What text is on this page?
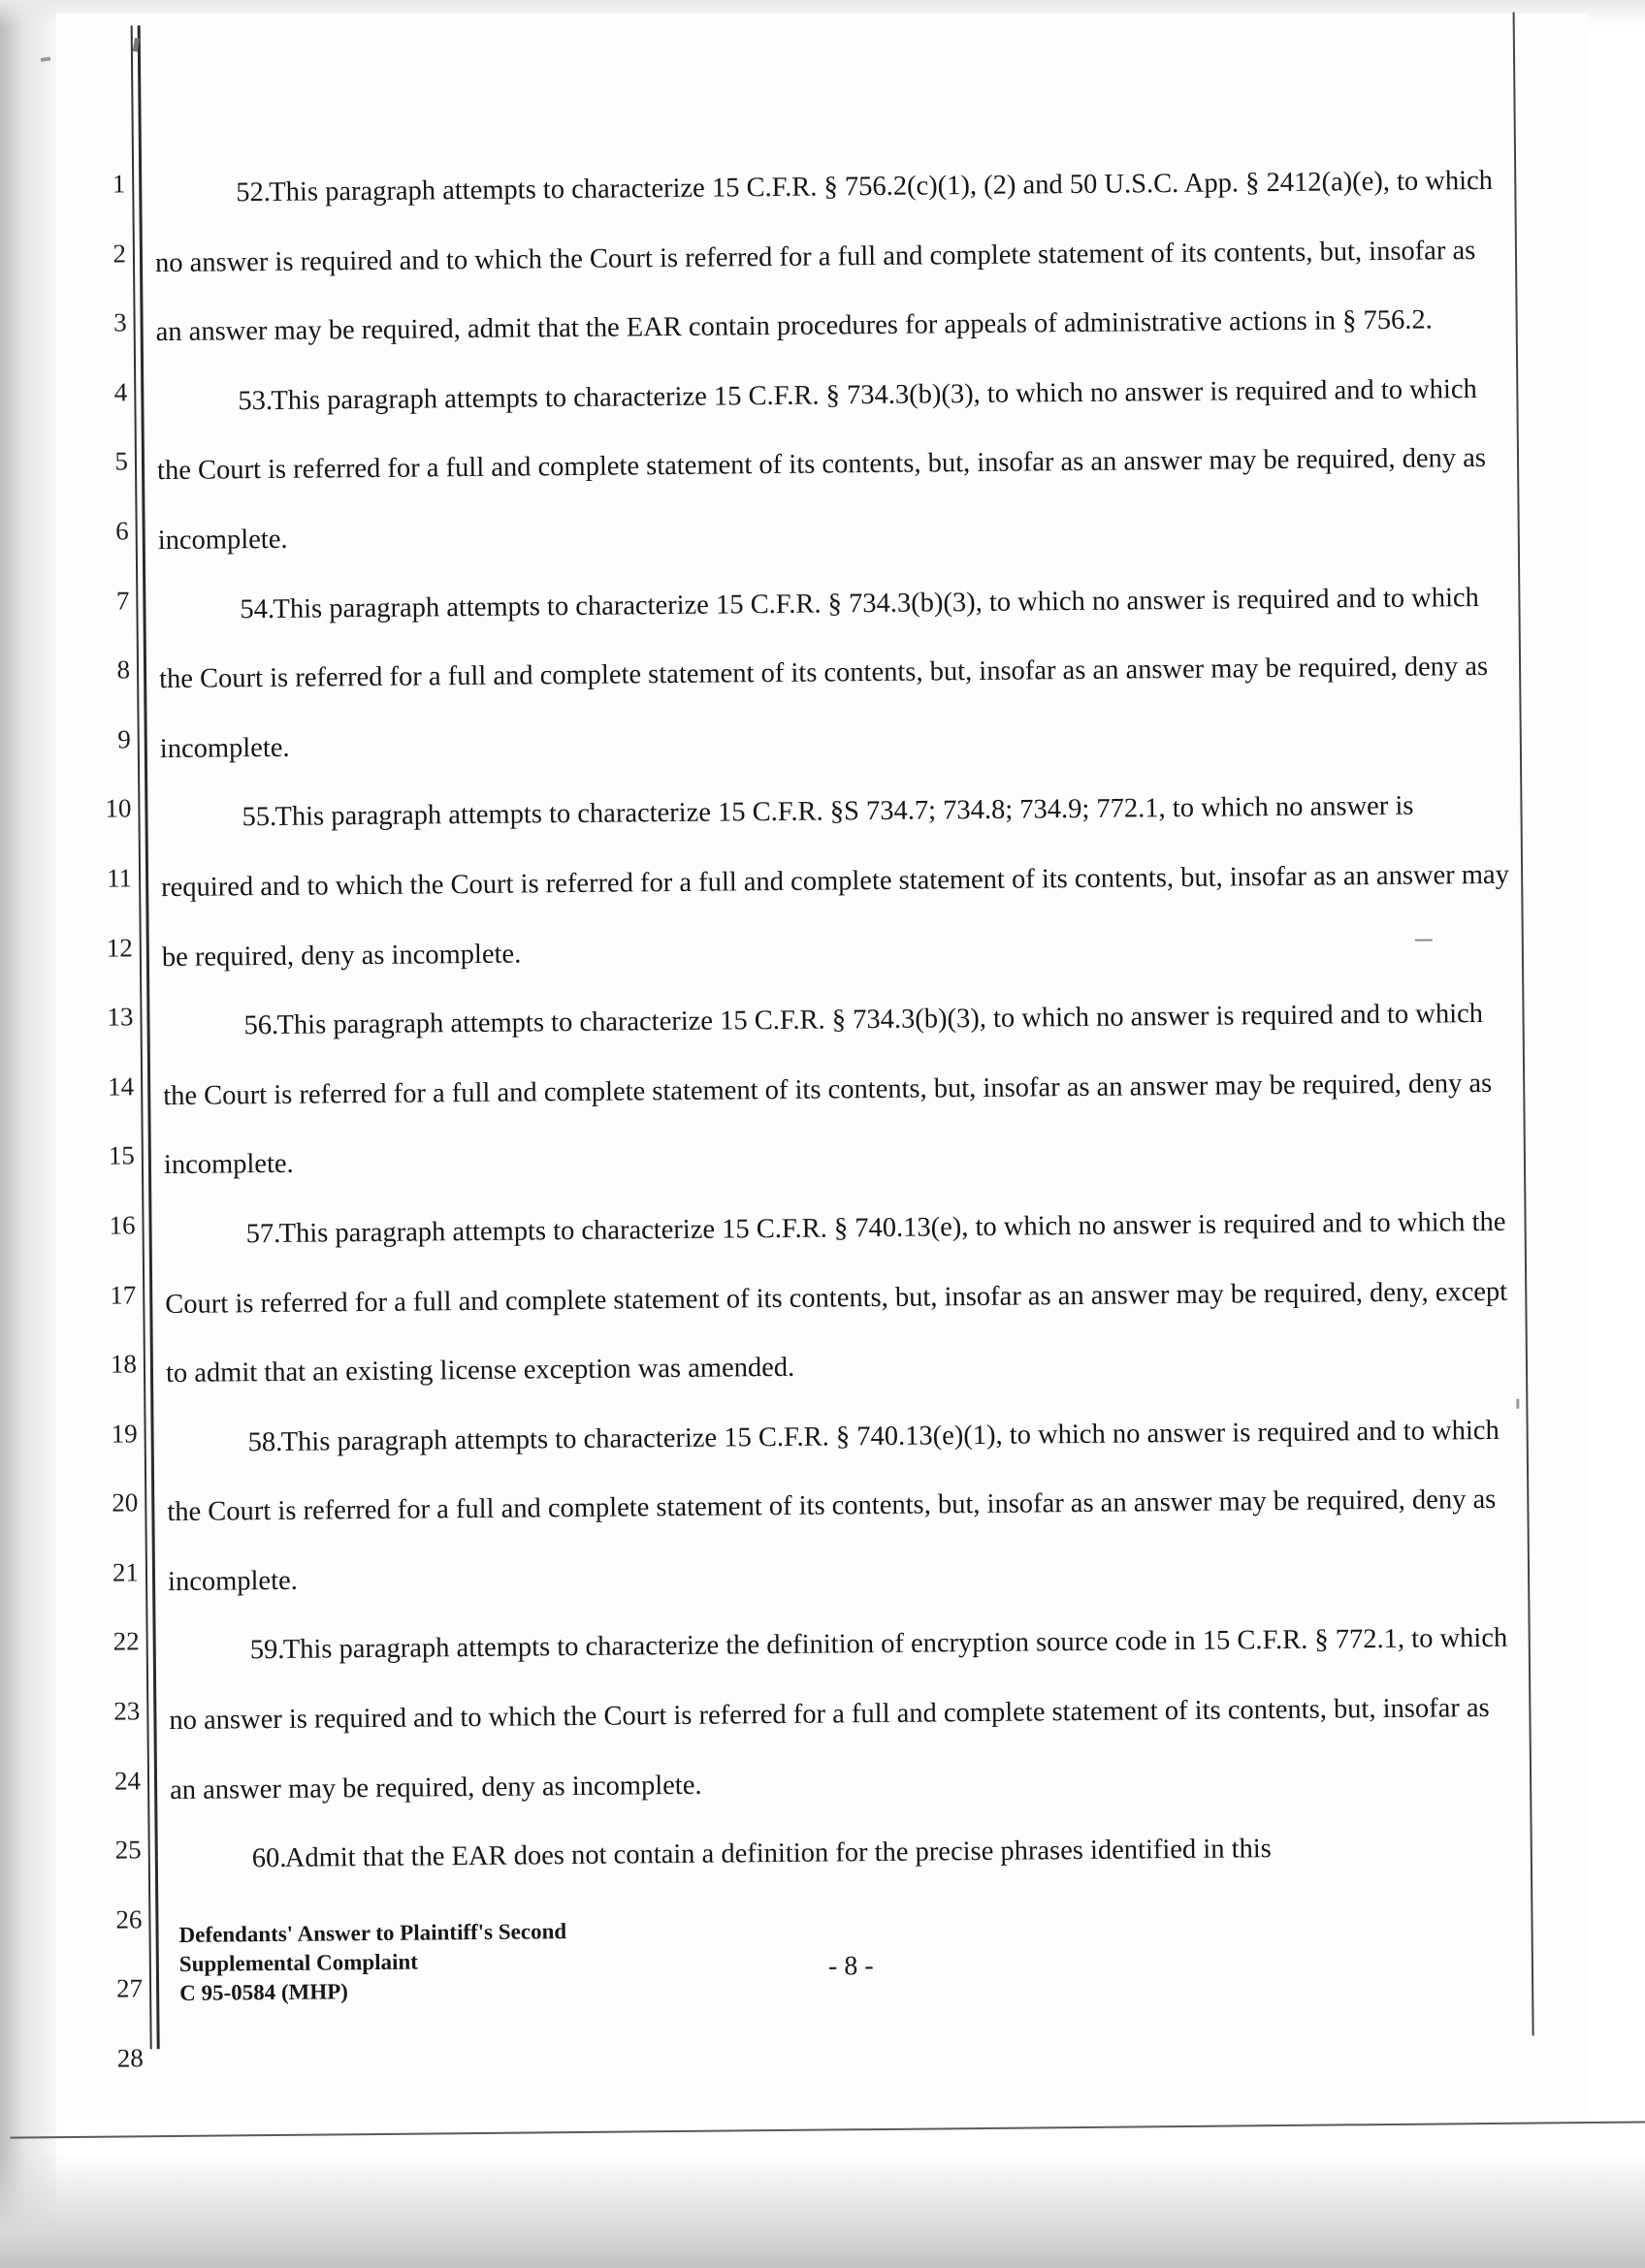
1
2
3
4
5
6
7
8
9
10
11
12
13
14
15
16
17
18
19
20
21
22
23
24
25
26
27
28

52.This paragraph attempts to characterize 15 C.F.R. § 756.2(c)(1), (2) and 50 U.S.C. App. § 2412(a)(e), to which no answer is required and to which the Court is referred for a full and complete statement of its contents, but, insofar as an answer may be required, admit that the EAR contain procedures for appeals of administrative actions in § 756.2.

53.This paragraph attempts to characterize 15 C.F.R. § 734.3(b)(3), to which no answer is required and to which the Court is referred for a full and complete statement of its contents, but, insofar as an answer may be required, deny as incomplete.

54.This paragraph attempts to characterize 15 C.F.R. § 734.3(b)(3), to which no answer is required and to which the Court is referred for a full and complete statement of its contents, but, insofar as an answer may be required, deny as incomplete.

55.This paragraph attempts to characterize 15 C.F.R. §S 734.7; 734.8; 734.9; 772.1, to which no answer is required and to which the Court is referred for a full and complete statement of its contents, but, insofar as an answer may be required, deny as incomplete.

56.This paragraph attempts to characterize 15 C.F.R. § 734.3(b)(3), to which no answer is required and to which the Court is referred for a full and complete statement of its contents, but, insofar as an answer may be required, deny as incomplete.

57.This paragraph attempts to characterize 15 C.F.R. § 740.13(e), to which no answer is required and to which the Court is referred for a full and complete statement of its contents, but, insofar as an answer may be required, deny, except to admit that an existing license exception was amended.

58.This paragraph attempts to characterize 15 C.F.R. § 740.13(e)(1), to which no answer is required and to which the Court is referred for a full and complete statement of its contents, but, insofar as an answer may be required, deny as incomplete.

59.This paragraph attempts to characterize the definition of encryption source code in 15 C.F.R. § 772.1, to which no answer is required and to which the Court is referred for a full and complete statement of its contents, but, insofar as an answer may be required, deny as incomplete.

60.Admit that the EAR does not contain a definition for the precise phrases identified in this

Defendants' Answer to Plaintiff's Second
Supplemental Complaint
C 95-0584 (MHP)
- 8 -
